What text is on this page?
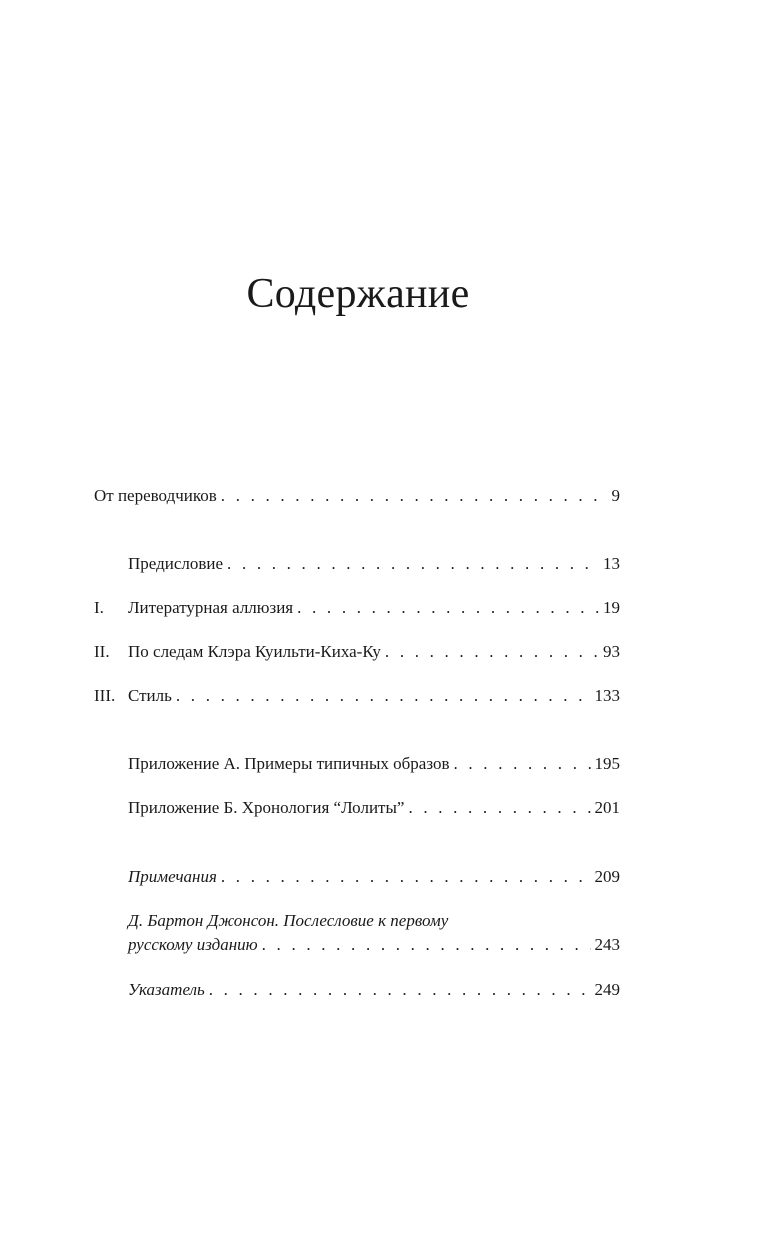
Содержание
От переводчиков . . .	9
Предисловие . . .	13
I.	Литературная аллюзия . . .	19
II.	По следам Клэра Куильти-Киха-Ку . . .	93
III. Стиль . . .	133
Приложение А. Примеры типичных образов . . .	195
Приложение Б. Хронология “Лолиты” . . .	201
Примечания . . .	209
Д. Бартон Джонсон. Послесловие к первому
русскому изданию . . .	243
Указатель . . .	249
